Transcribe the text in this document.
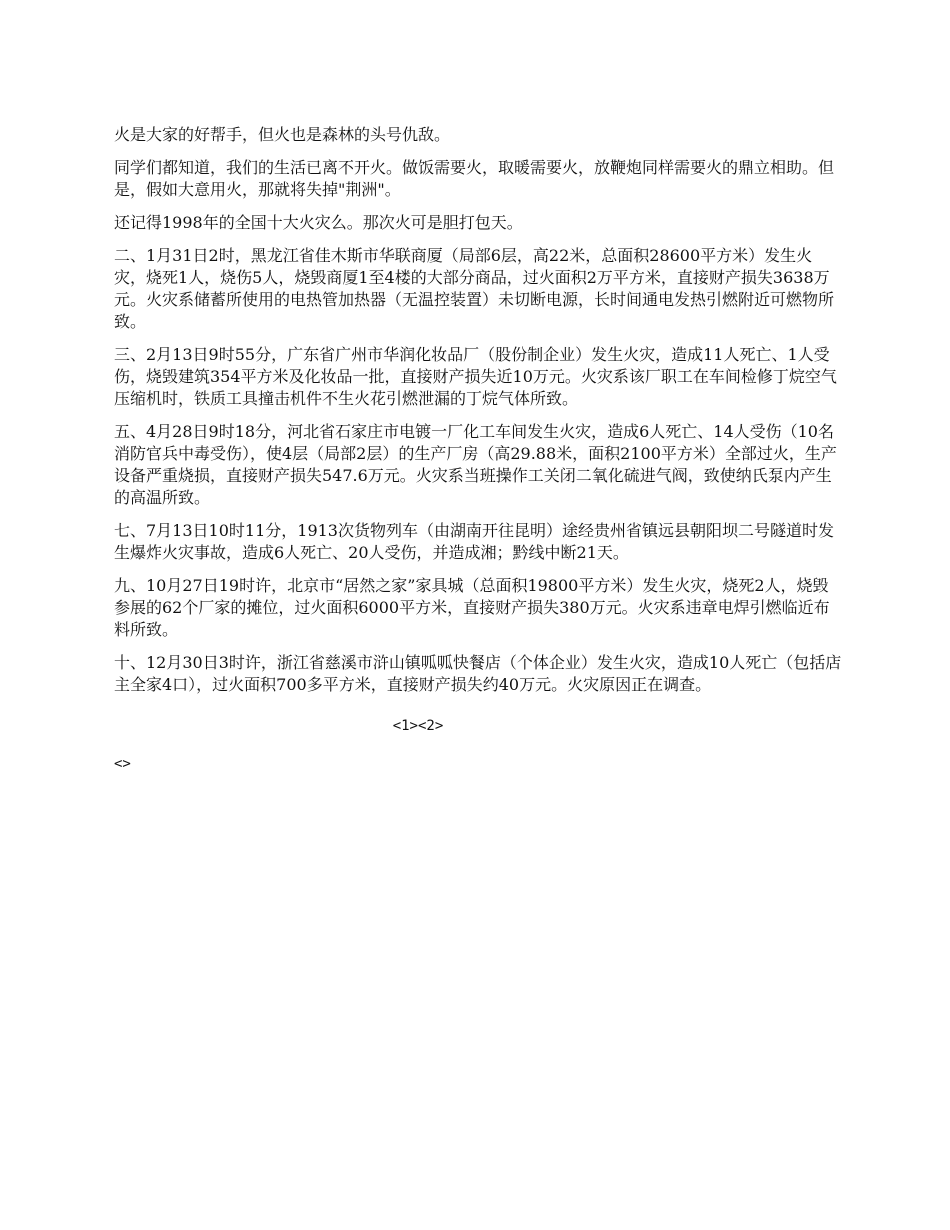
火是大家的好帮手，但火也是森林的头号仇敌。

同学们都知道，我们的生活已离不开火。做饭需要火，取暖需要火，放鞭炮同样需要火的鼎立相助。但是，假如大意用火，那就将失掉"荆洲"。

还记得1998年的全国十大火灾么。那次火可是胆打包天。

二、1月31日2时，黑龙江省佳木斯市华联商厦（局部6层，高22米，总面积28600平方米）发生火灾，烧死1人，烧伤5人，烧毁商厦1至4楼的大部分商品，过火面积2万平方米，直接财产损失3638万元。火灾系储蓄所使用的电热管加热器（无温控装置）未切断电源，长时间通电发热引燃附近可燃物所致。

三、2月13日9时55分，广东省广州市华润化妆品厂（股份制企业）发生火灾，造成11人死亡、1人受伤，烧毁建筑354平方米及化妆品一批，直接财产损失近10万元。火灾系该厂职工在车间检修丁烷空气压缩机时，铁质工具撞击机件不生火花引燃泄漏的丁烷气体所致。

五、4月28日9时18分，河北省石家庄市电镀一厂化工车间发生火灾，造成6人死亡、14人受伤（10名消防官兵中毒受伤），使4层（局部2层）的生产厂房（高29.88米，面积2100平方米）全部过火，生产设备严重烧损，直接财产损失547.6万元。火灾系当班操作工关闭二氧化硫进气阀，致使纳氏泵内产生的高温所致。

七、7月13日10时11分，1913次货物列车（由湖南开往昆明）途经贵州省镇远县朝阳坝二号隧道时发生爆炸火灾事故，造成6人死亡、20人受伤，并造成湘；黔线中断21天。

九、10月27日19时许，北京市“居然之家”家具城（总面积19800平方米）发生火灾，烧死2人，烧毁参展的62个厂家的摊位，过火面积6000平方米，直接财产损失380万元。火灾系违章电焊引燃临近布料所致。

十、12月30日3时许，浙江省慈溪市浒山镇呱呱快餐店（个体企业）发生火灾，造成10人死亡（包括店主全家4口），过火面积700多平方米，直接财产损失约40万元。火灾原因正在调查。

<1><2>
<>
